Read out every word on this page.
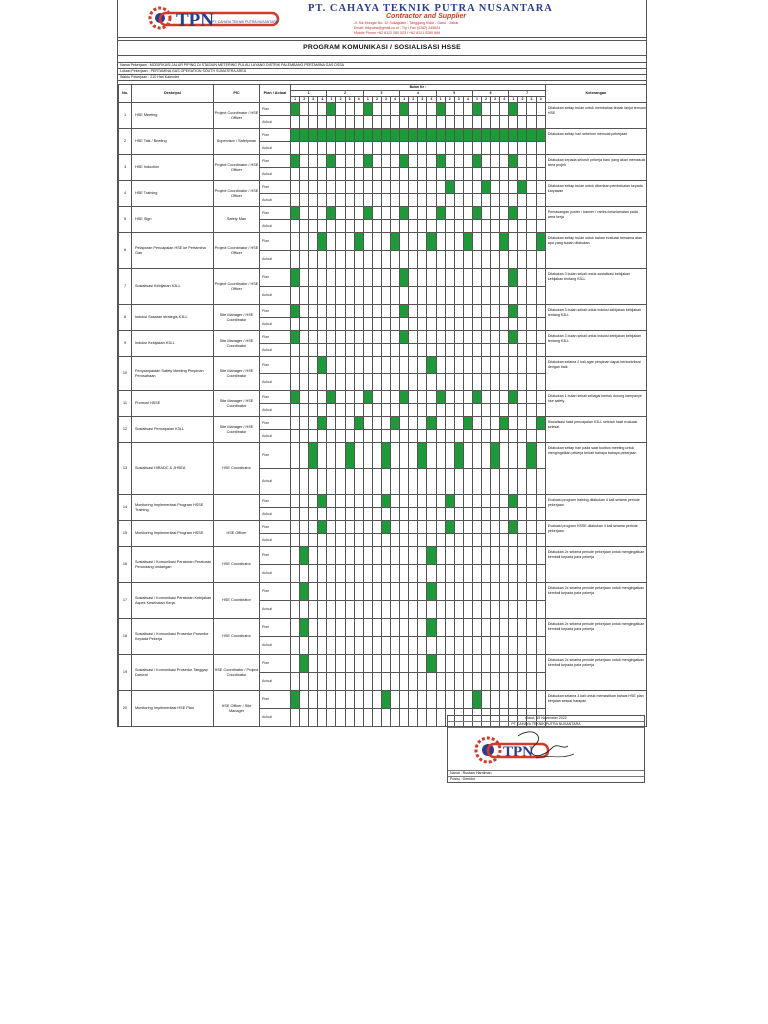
TPN
PT. CAHAYA TEKNIK PUTRA NUSANTARA
PT. CAHAYA TEKNIK PUTRA NUSANTARA
Contractor and Supplier
Jl. Sik Mungar No. 12 Sukaglatin - Tanggang Kidul - Garut - Jabar
Email: tekputra@gmail.co.id - Tlp / Fax (0262) 245624
Mobile Phone +62 8122 280 023 / +62 8121 4280 689
PROGRAM KOMUNIKASI / SOSIALISASI HSSE
Nama Pekerjaan : MODIFIKASI JALUR PIPING DI STASIUN METERING PULAU LAYANG DISTRIK PALEMBANG PERTAMINA GAS DSSA
Lokasi Pekerjaan : PERTAMINA GAS OPERATION SOUTH SUMATERA AREA
Waktu Pekerjaan : 210 Hari Kalender
No.	Deskripsi	PIC	Plan / Actual	Bulan Ke :																												Keterangan
				1				2				3				4				5				6				7				
				1	2	3	4	1	2	3	4	1	2	3	4	1	2	3	4	1	2	3	4	1	2	3	4	1	2	3	4	
1	HSE Meeting	Project Coordinator / HSE Officer	Plan																													Dilakukan setiap bulan untuk membahas tindak lanjut temuan HSE
			Actual																													
2	HSE Talk / Briefing	Supervisor / Safetyman	Plan																													Dilakukan setiap hari sebelum memulai pekerjaan
			Actual																													
3	HSE Induction	Project Coordinator / HSE Officer	Plan																													Dilakukan kepada seluruh pekerja baru yang akan memasuki area projek
			Actual																													
4	HSE Training	Project Coordinator / HSE Officer	Plan																													Dilakukan setiap bulan untuk diberikan pembekalan kepada karyawan
			Actual																													
5	HSE Sign	Safety Man	Plan																													Pemasangan poster / banner / rambu keselamatan pada area kerja
			Actual																													
6	Pelaporan Pencapaian HSE ke Pertamina Gas	Project Coordinator / HSE Officer	Plan																													Dilakukan setiap bulan untuk bahan evaluasi bersama atas apa yang sudah dilakukan
			Actual																													
7	Sosialisasi Kebijakan K3LL	Project Coordinator / HSE Officer	Plan																													Dilakukan 3 bulan sekali untuk sosialisasi kebijakan kebijakan tentang K3LL
			Actual																													
8	Induksi Sasaran strategis K3LL	Site Manager / HSE Coordinator	Plan																													Dilakukan 3 bulan sekali untuk induksi kebijakan kebijakan tentang K3LL
			Actual																													
9	Induksi Kebijakan K3LL	Site Manager / HSE Coordinator	Plan																													Dilakukan 3 bulan sekali untuk induksi kebijakan kebijakan tentang K3LL
			Actual																													
10	Penyampaiaan Safety Meeting Pimpinan Perusahaan	Site Manager / HSE Coordinator	Plan																													Dilakukan selama 2 kali agar pimpinan dapat berkontribusi dengan baik
			Actual																													
11	Promosi HSSE	Site Manager / HSE Coordinator	Plan																													Dilakukan 1 bulan sekali sebagai bentuk dorong kampanye hse safety
			Actual																													
12	Sosialisasi Pencapaian K3LL	Site Manager / HSE Coordinator	Plan																													Sosialisasi hasil pencapaian K3LL setelah hasil evaluasi selesai
			Actual																													
13	Sosialisasi HIRADC & JHSEA	HSE Coordinator	Plan																													Dilakukan setiap hari pada saat toolbox meeting untuk mengingatkan pekerja terkait bahaya bahaya pekerjaan
			Actual																													
14	Monitoring Implementasi Program HSSE Training		Plan																													Evaluasi program training dilakukan 4 kali selama periode pekerjaan
			Actual																													
15	Monitoring Implementasi Program HSSE	HSE Officer	Plan																													Evaluasi program HSSE dilakukan 4 kali selama periode pekerjaan
			Actual																													
16	Sosialisasi / Komunikasi Peraturan Peraturan Perundang undangan	HSE Coordinator	Plan																													Dilakukan 2x selama periode pekerjaan untuk mengingatkan kembali kepada para pekerja
			Actual																													
17	Sosialisasi / Komunikasi Peraturan Kebijakan Aspek Kesehatan Kerja	HSE Coordinator	Plan																													Dilakukan 2x selama periode pekerjaan untuk mengingatkan kembali kepada para pekerja
			Actual																													
18	Sosialisasi / Komunikasi Prosedur Prosedur Kepada Pekerja	HSE Coordinator	Plan																													Dilakukan 2x selama periode pekerjaan untuk mengingatkan kembali kepada para pekerja
			Actual																													
19	Sosialisasi / Komunikasi Prosedur Tanggap Darurat	HSE Coordinator / Project Coordinator	Plan																													Dilakukan 2x selama periode pekerjaan untuk mengingatkan kembali kepada para pekerja
			Actual																													
20	Monitoring Implementasi HSE Plan	HSE Officer / Site Manager	Plan																													Dilakukan selama 3 kali untuk memastikan bahwa HSE plan berjalan sesuai harapan
			Actual																														Garut, 15 November 2022
PT CAHAYA TEKNIK PUTRA NUSANTARA
TPN
Nama : Rustam Hardiman
Posisi : Direktur
